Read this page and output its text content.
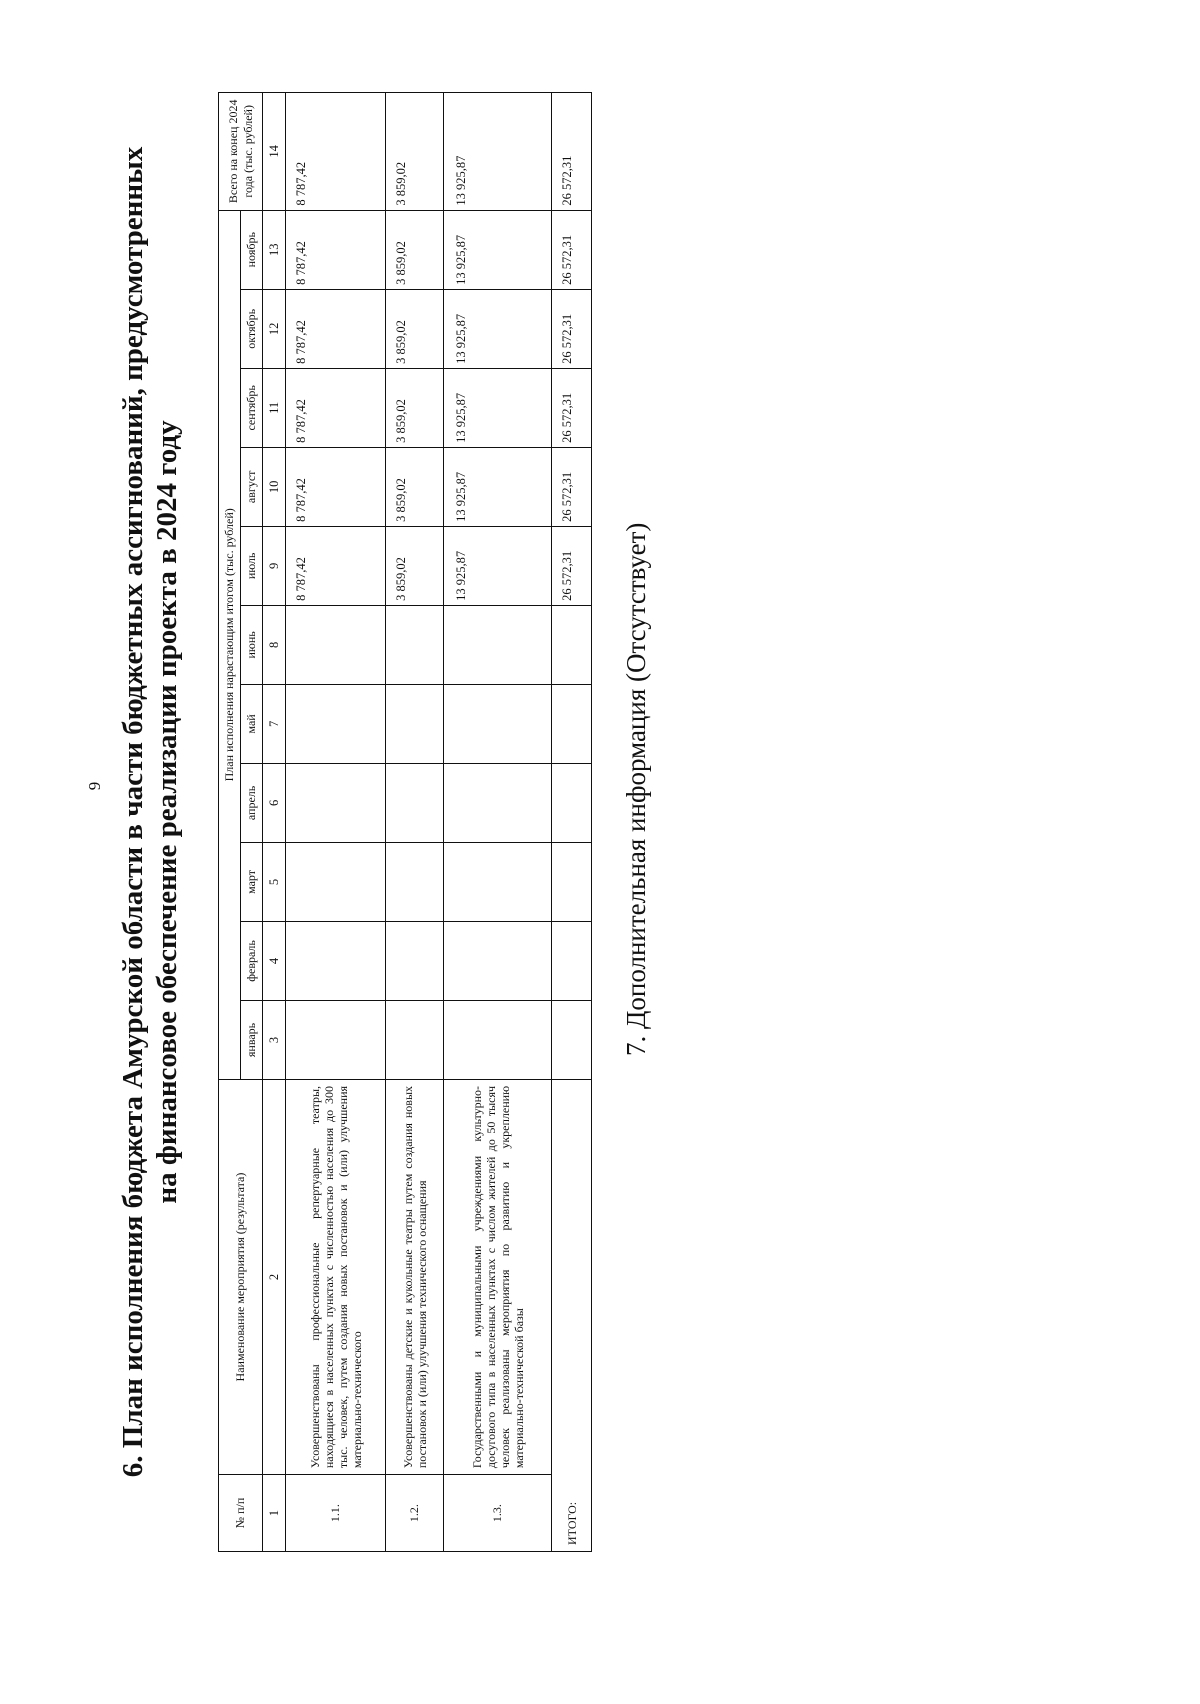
9 6. План исполнения бюджета Амурской области в части бюджетных ассигнований, предусмотренных на финансовое обеспечение реализации проекта в 2024 году
№ п/п	Наименование мероприятия (результата)	План исполнения нарастающим итогом (тыс. рублей)											Всего на конец 2024 года (тыс. рублей)
		январь	февраль	март	апрель	май	июнь	июль	август	сентябрь	октябрь	ноябрь	
1	2	3	4	5	6	7	8	9	10	11	12	13	14
1.1.	Усовершенствованы профессиональные репертуарные театры, находящиеся в населенных пунктах с численностью населения до 300 тыс. человек, путем создания новых постановок и (или) улучшения материально-технического							8 787,42	8 787,42	8 787,42	8 787,42	8 787,42	8 787,42
1.2.	Усовершенствованы детские и кукольные театры путем создания новых постановок и (или) улучшения технического оснащения							3 859,02	3 859,02	3 859,02	3 859,02	3 859,02	3 859,02
1.3.	Государственными и муниципальными учреждениями культурно-досугового типа в населенных пунктах с числом жителей до 50 тысяч человек реализованы мероприятия по развитию и укреплению материально-технической базы							13 925,87	13 925,87	13 925,87	13 925,87	13 925,87	13 925,87
ИТОГО:								26 572,31	26 572,31	26 572,31	26 572,31	26 572,31	26 572,31
7. Дополнительная информация (Отсутствует)
